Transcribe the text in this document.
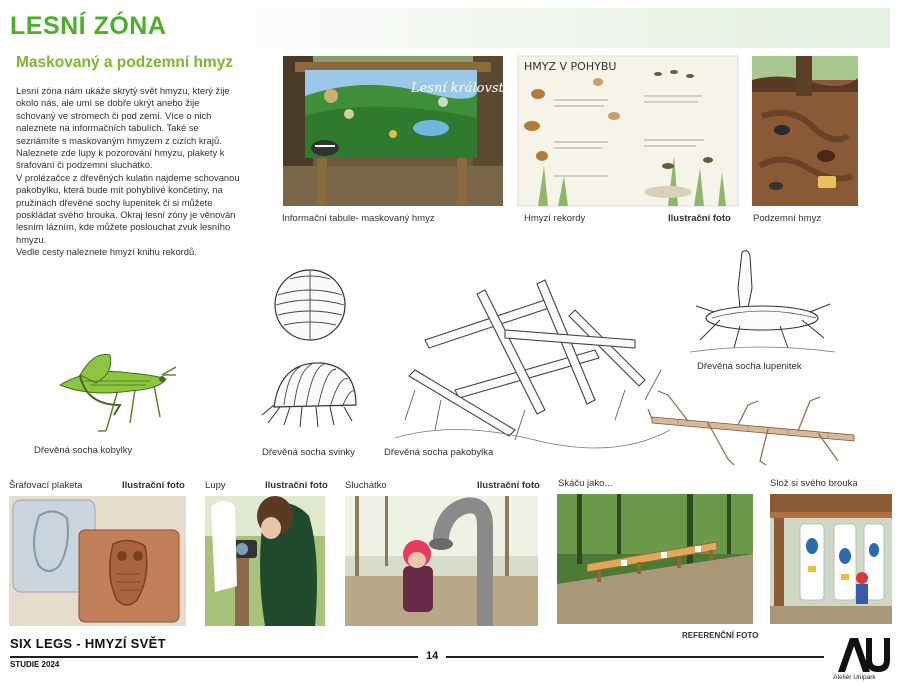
LESNÍ ZÓNA
Maskovaný a podzemní hmyz

Lesní zóna nám ukáže skrytý svět hmyzu, který žije okolo nás, ale umí se dobře ukrýt anebo žije schovaný ve stromech či pod zemí. Více o nich naleznete na informačních tabulích. Také se seznámíte s maskovaným hmyzem z cizích krajů. Naleznete zde lupy k pozorování hmyzu, plakety k šrafování či podzemní sluchátko.

V prolézačce z dřevěných kulatin najdeme schovanou pakobylku, která bude mít pohyblivé končetiny, na pružinách dřevěné sochy lupenitek či si můžete poskládat svého brouka. Okraj lesní zóny je věnován lesním lázním, kde můžete poslouchat zvuk lesního hmyzu.

Vedle cesty naleznete hmyzí knihu rekordů.

Lesní království
Informační tabule- maskovaný hmyz
HMYZ V POHYBU
Hmyzí rekordy	Ilustrační foto Podzemní hmyz
Dřevěná socha svinky
Dřevěná socha kobylky	Dřevěná socha pakobylka
Dřevěná socha lupenitek
Šrafovací plaketa	Ilustrační foto Lupy	Ilustrační foto Sluchátko	Ilustrační foto Skáču jako...	Slož si svého brouka
REFERENČNÍ FOTO
SIX LEGS - HMYZÍ SVĚT
14
STUDIE 2024
Ateliér Unipark
